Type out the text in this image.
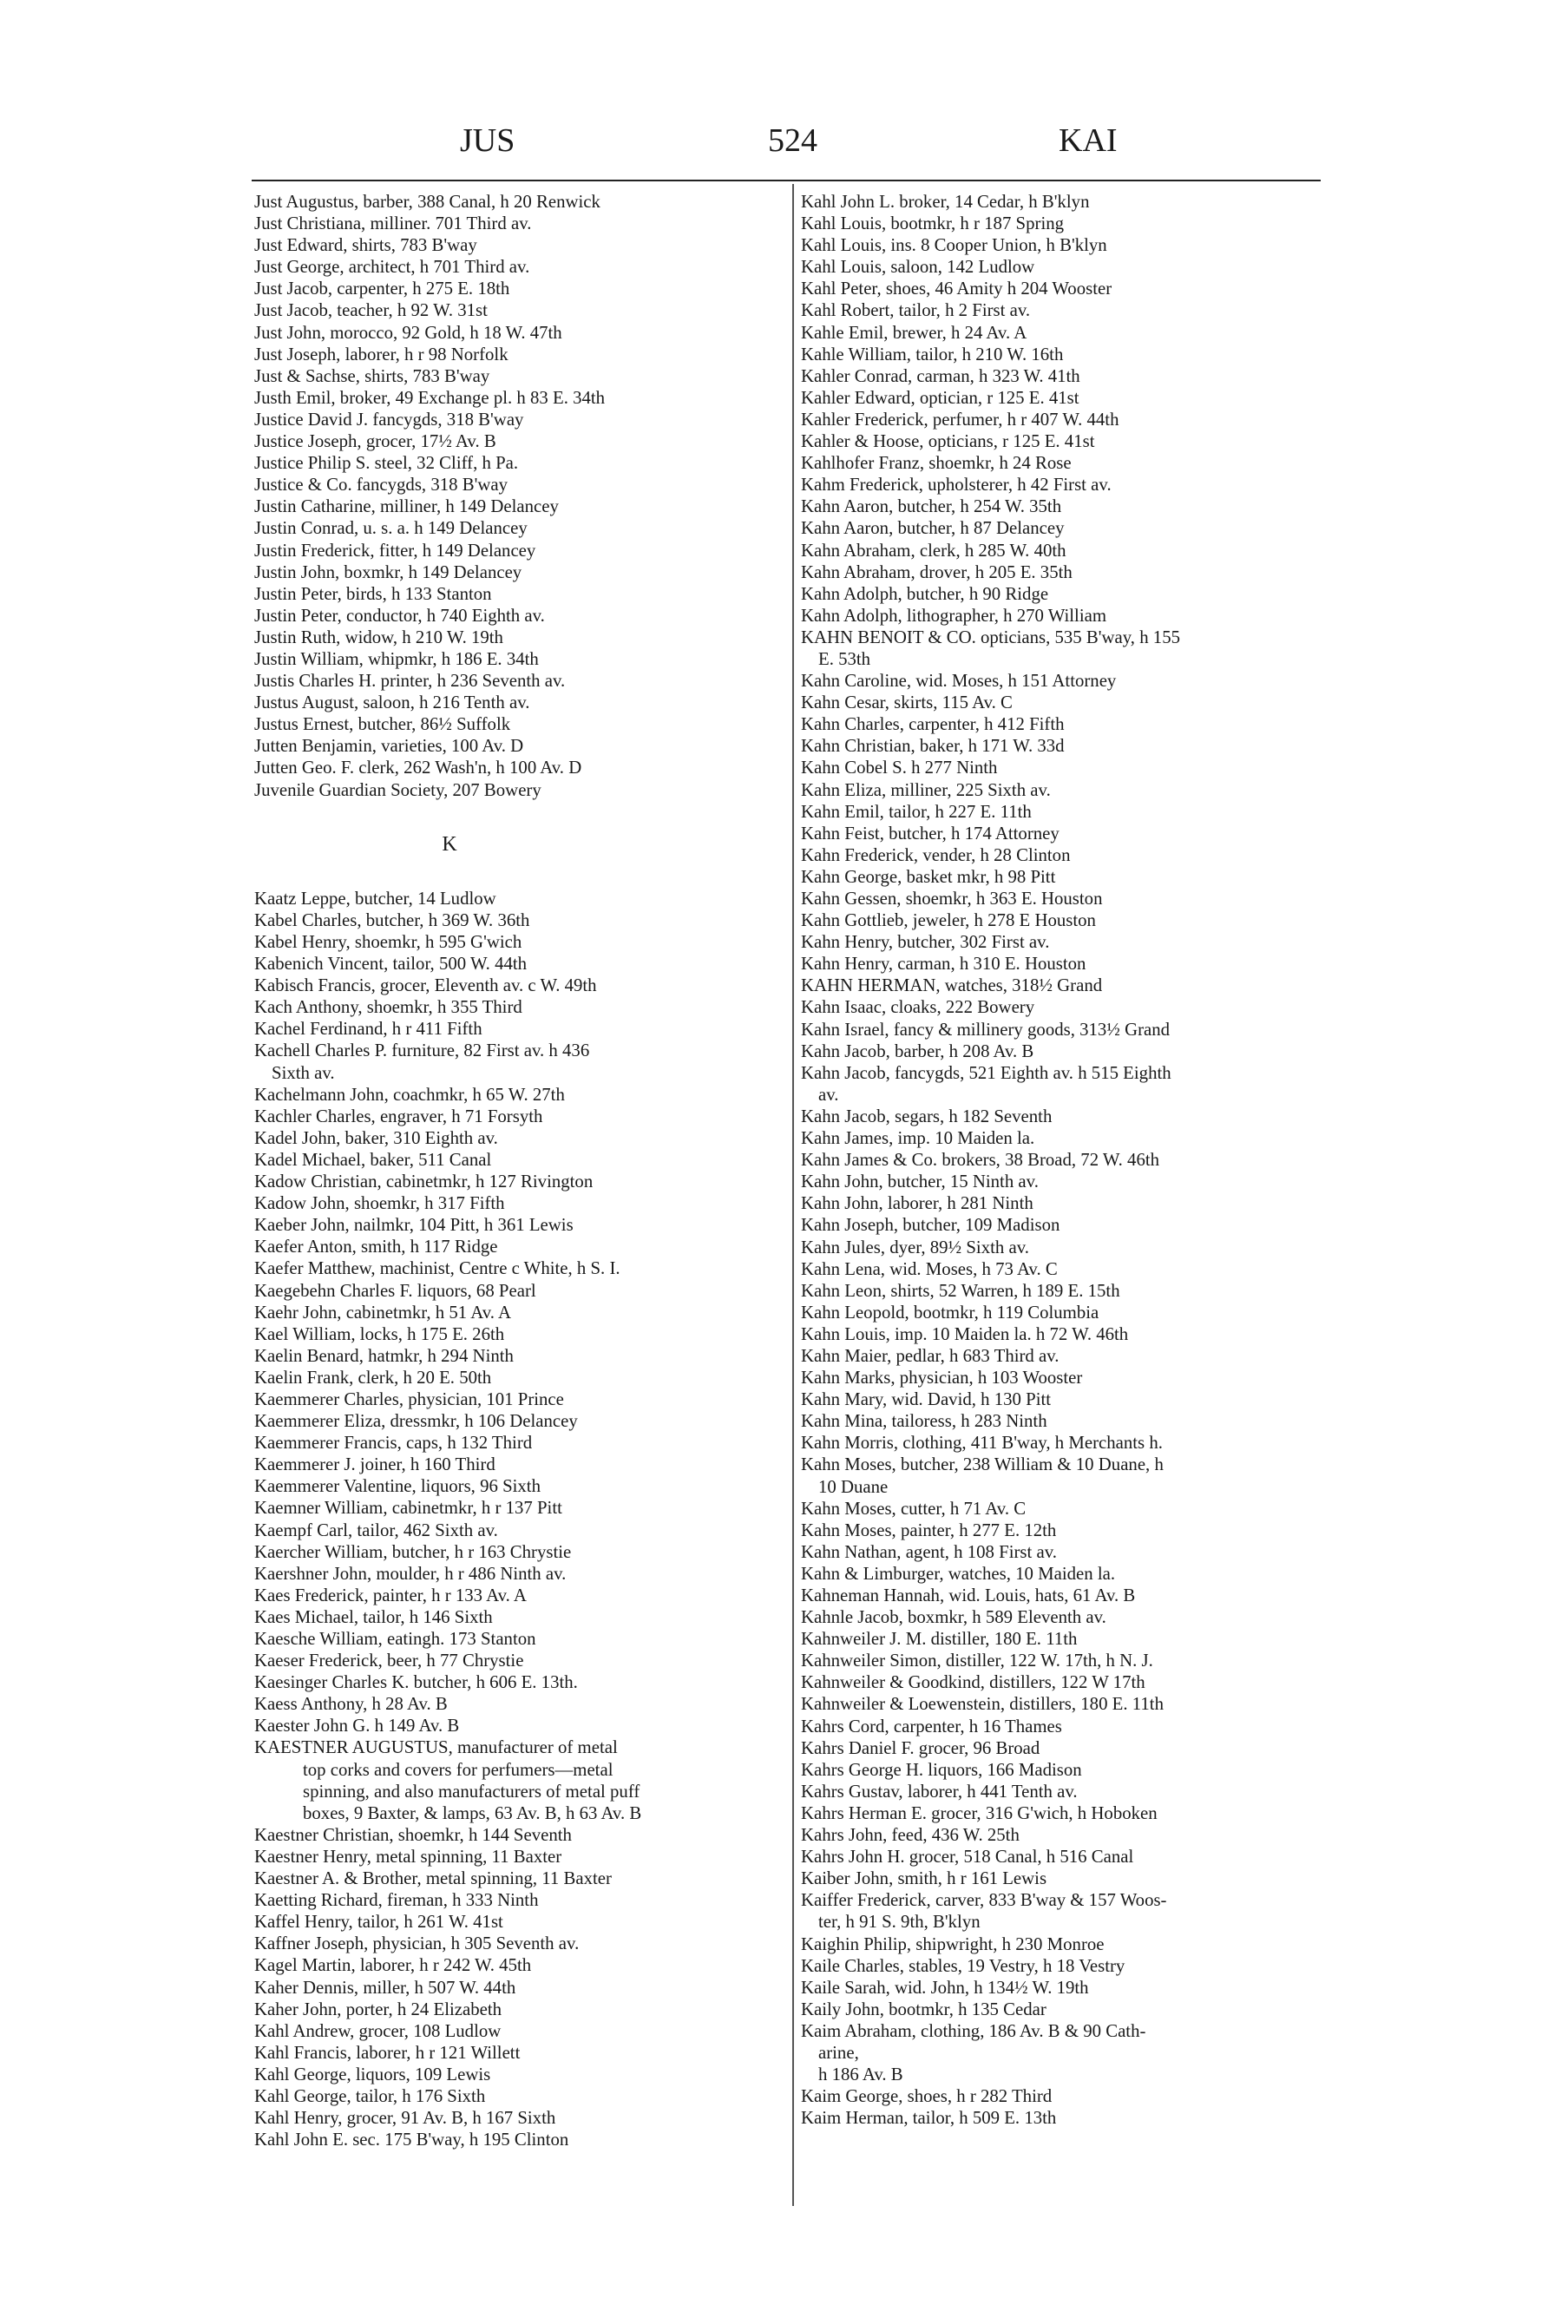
JUS	524	KAI
Just Augustus, barber, 388 Canal, h 20 Renwick
Just Christiana, milliner. 701 Third av.
Just Edward, shirts, 783 B'way
Just George, architect, h 701 Third av.
Just Jacob, carpenter, h 275 E. 18th
Just Jacob, teacher, h 92 W. 31st
Just John, morocco, 92 Gold, h 18 W. 47th
Just Joseph, laborer, h r 98 Norfolk
Just & Sachse, shirts, 783 B'way
Justh Emil, broker, 49 Exchange pl. h 83 E. 34th
Justice David J. fancygds, 318 B'way
Justice Joseph, grocer, 17½ Av. B
Justice Philip S. steel, 32 Cliff, h Pa.
Justice & Co. fancygds, 318 B'way
Justin Catharine, milliner, h 149 Delancey
Justin Conrad, u. s. a. h 149 Delancey
Justin Frederick, fitter, h 149 Delancey
Justin John, boxmkr, h 149 Delancey
Justin Peter, birds, h 133 Stanton
Justin Peter, conductor, h 740 Eighth av.
Justin Ruth, widow, h 210 W. 19th
Justin William, whipmkr, h 186 E. 34th
Justis Charles H. printer, h 236 Seventh av.
Justus August, saloon, h 216 Tenth av.
Justus Ernest, butcher, 86½ Suffolk
Jutten Benjamin, varieties, 100 Av. D
Jutten Geo. F. clerk, 262 Wash'n, h 100 Av. D
Juvenile Guardian Society, 207 Bowery
K
Kaatz Leppe, butcher, 14 Ludlow
Kabel Charles, butcher, h 369 W. 36th
Kabel Henry, shoemkr, h 595 G'wich
Kabenich Vincent, tailor, 500 W. 44th
Kabisch Francis, grocer, Eleventh av. c W. 49th
Kach Anthony, shoemkr, h 355 Third
Kachel Ferdinand, h r 411 Fifth
Kachell Charles P. furniture, 82 First av. h 436
Sixth av.
Kachelmann John, coachmkr, h 65 W. 27th
Kachler Charles, engraver, h 71 Forsyth
Kadel John, baker, 310 Eighth av.
Kadel Michael, baker, 511 Canal
Kadow Christian, cabinetmkr, h 127 Rivington
Kadow John, shoemkr, h 317 Fifth
Kaeber John, nailmkr, 104 Pitt, h 361 Lewis
Kaefer Anton, smith, h 117 Ridge
Kaefer Matthew, machinist, Centre c White, h S. I.
Kaegebehn Charles F. liquors, 68 Pearl
Kaehr John, cabinetmkr, h 51 Av. A
Kael William, locks, h 175 E. 26th
Kaelin Benard, hatmkr, h 294 Ninth
Kaelin Frank, clerk, h 20 E. 50th
Kaemmerer Charles, physician, 101 Prince
Kaemmerer Eliza, dressmkr, h 106 Delancey
Kaemmerer Francis, caps, h 132 Third
Kaemmerer J. joiner, h 160 Third
Kaemmerer Valentine, liquors, 96 Sixth
Kaemner William, cabinetmkr, h r 137 Pitt
Kaempf Carl, tailor, 462 Sixth av.
Kaercher William, butcher, h r 163 Chrystie
Kaershner John, moulder, h r 486 Ninth av.
Kaes Frederick, painter, h r 133 Av. A
Kaes Michael, tailor, h 146 Sixth
Kaesche William, eatingh. 173 Stanton
Kaeser Frederick, beer, h 77 Chrystie
Kaesinger Charles K. butcher, h 606 E. 13th.
Kaess Anthony, h 28 Av. B
Kaester John G. h 149 Av. B
KAESTNER AUGUSTUS, manufacturer of metal
top corks and covers for perfumers—metal
spinning, and also manufacturers of metal puff
boxes, 9 Baxter, & lamps, 63 Av. B, h 63 Av. B
Kaestner Christian, shoemkr, h 144 Seventh
Kaestner Henry, metal spinning, 11 Baxter
Kaestner A. & Brother, metal spinning, 11 Baxter
Kaetting Richard, fireman, h 333 Ninth
Kaffel Henry, tailor, h 261 W. 41st
Kaffner Joseph, physician, h 305 Seventh av.
Kagel Martin, laborer, h r 242 W. 45th
Kaher Dennis, miller, h 507 W. 44th
Kaher John, porter, h 24 Elizabeth
Kahl Andrew, grocer, 108 Ludlow
Kahl Francis, laborer, h r 121 Willett
Kahl George, liquors, 109 Lewis
Kahl George, tailor, h 176 Sixth
Kahl Henry, grocer, 91 Av. B, h 167 Sixth
Kahl John E. sec. 175 B'way, h 195 Clinton
Kahl John L. broker, 14 Cedar, h B'klyn
Kahl Louis, bootmkr, h r 187 Spring
Kahl Louis, ins. 8 Cooper Union, h B'klyn
Kahl Louis, saloon, 142 Ludlow
Kahl Peter, shoes, 46 Amity h 204 Wooster
Kahl Robert, tailor, h 2 First av.
Kahle Emil, brewer, h 24 Av. A
Kahle William, tailor, h 210 W. 16th
Kahler Conrad, carman, h 323 W. 41th
Kahler Edward, optician, r 125 E. 41st
Kahler Frederick, perfumer, h r 407 W. 44th
Kahler & Hoose, opticians, r 125 E. 41st
Kahlhofer Franz, shoemkr, h 24 Rose
Kahm Frederick, upholsterer, h 42 First av.
Kahn Aaron, butcher, h 254 W. 35th
Kahn Aaron, butcher, h 87 Delancey
Kahn Abraham, clerk, h 285 W. 40th
Kahn Abraham, drover, h 205 E. 35th
Kahn Adolph, butcher, h 90 Ridge
Kahn Adolph, lithographer, h 270 William
KAHN BENOIT & CO. opticians, 535 B'way, h 155
E. 53th
Kahn Caroline, wid. Moses, h 151 Attorney
Kahn Cesar, skirts, 115 Av. C
Kahn Charles, carpenter, h 412 Fifth
Kahn Christian, baker, h 171 W. 33d
Kahn Cobel S. h 277 Ninth
Kahn Eliza, milliner, 225 Sixth av.
Kahn Emil, tailor, h 227 E. 11th
Kahn Feist, butcher, h 174 Attorney
Kahn Frederick, vender, h 28 Clinton
Kahn George, basket mkr, h 98 Pitt
Kahn Gessen, shoemkr, h 363 E. Houston
Kahn Gottlieb, jeweler, h 278 E Houston
Kahn Henry, butcher, 302 First av.
Kahn Henry, carman, h 310 E. Houston
KAHN HERMAN, watches, 318½ Grand
Kahn Isaac, cloaks, 222 Bowery
Kahn Israel, fancy & millinery goods, 313½ Grand
Kahn Jacob, barber, h 208 Av. B
Kahn Jacob, fancygds, 521 Eighth av. h 515 Eighth
av.
Kahn Jacob, segars, h 182 Seventh
Kahn James, imp. 10 Maiden la.
Kahn James & Co. brokers, 38 Broad, 72 W. 46th
Kahn John, butcher, 15 Ninth av.
Kahn John, laborer, h 281 Ninth
Kahn Joseph, butcher, 109 Madison
Kahn Jules, dyer, 89½ Sixth av.
Kahn Lena, wid. Moses, h 73 Av. C
Kahn Leon, shirts, 52 Warren, h 189 E. 15th
Kahn Leopold, bootmkr, h 119 Columbia
Kahn Louis, imp. 10 Maiden la. h 72 W. 46th
Kahn Maier, pedlar, h 683 Third av.
Kahn Marks, physician, h 103 Wooster
Kahn Mary, wid. David, h 130 Pitt
Kahn Mina, tailoress, h 283 Ninth
Kahn Morris, clothing, 411 B'way, h Merchants h.
Kahn Moses, butcher, 238 William & 10 Duane, h
10 Duane
Kahn Moses, cutter, h 71 Av. C
Kahn Moses, painter, h 277 E. 12th
Kahn Nathan, agent, h 108 First av.
Kahn & Limburger, watches, 10 Maiden la.
Kahneman Hannah, wid. Louis, hats, 61 Av. B
Kahnle Jacob, boxmkr, h 589 Eleventh av.
Kahnweiler J. M. distiller, 180 E. 11th
Kahnweiler Simon, distiller, 122 W. 17th, h N. J.
Kahnweiler & Goodkind, distillers, 122 W 17th
Kahnweiler & Loewenstein, distillers, 180 E. 11th
Kahrs Cord, carpenter, h 16 Thames
Kahrs Daniel F. grocer, 96 Broad
Kahrs George H. liquors, 166 Madison
Kahrs Gustav, laborer, h 441 Tenth av.
Kahrs Herman E. grocer, 316 G'wich, h Hoboken
Kahrs John, feed, 436 W. 25th
Kahrs John H. grocer, 518 Canal, h 516 Canal
Kaiber John, smith, h r 161 Lewis
Kaiffer Frederick, carver, 833 B'way & 157 Woos-
ter, h 91 S. 9th, B'klyn
Kaighin Philip, shipwright, h 230 Monroe
Kaile Charles, stables, 19 Vestry, h 18 Vestry
Kaile Sarah, wid. John, h 134½ W. 19th
Kaily John, bootmkr, h 135 Cedar
Kaim Abraham, clothing, 186 Av. B & 90 Cath-
arine,
h 186 Av. B
Kaim George, shoes, h r 282 Third
Kaim Herman, tailor, h 509 E. 13th
